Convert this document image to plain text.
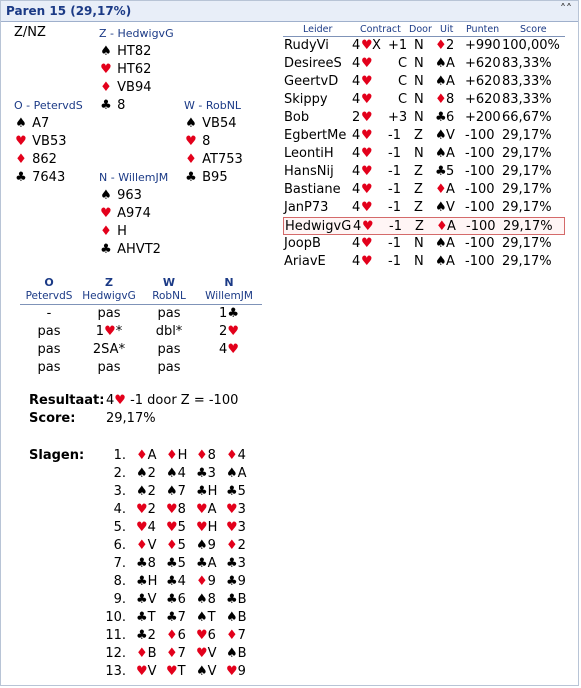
Paren 15 (29,17%)	˄˄
Z/NZ	Z - HedwigvG
♠ HT82
♥ HT62
♦ VB94
♣ 8
O - PetervdS
♠ A7
♥ VB53
♦ 862
♣ 7643
W - RobNL
♠ VB54
♥ 8
♦ AT753
♣ B95
N - WillemJM
♠ 963
♥ A974
♦ H
♣ AHVT2
Leider	Contract Door Uit Punten Score
RudyVi 4 ♥ X +1 N ♦ 2 +990 100,00%
DesireeS 4 ♥ C N ♠ A +620 83,33%
GeertvD 4 ♥ C N ♠ A +620 83,33%
Skippy 4 ♥ C N ♦ 8 +620 83,33%
Bob	2 ♥ +3 N ♣ 6 +200 66,67%
EgbertMe 4 ♥ -1 Z ♠ V -100 29,17%
LeontiH 4 ♥ -1 N ♠ A -100 29,17%
HansNij 4 ♥ -1 Z ♣ 5 -100 29,17%
Bastiane 4 ♥ -1 Z ♦ A -100 29,17%
JanP73 4 ♥ -1 Z ♠ V -100 29,17%
HedwigvG 4 ♥ -1 Z ♦ A -100 29,17%
JoopB 4 ♥ -1 N ♠ A -100 29,17%
AriavE 4 ♥ -1 N ♠ A -100 29,17%
O
PetervdS
Z
HedwigvG
W
RobNL
N
WillemJM
-	pas	pas	1♣
pas	1♥*	dbl*	2♥
pas	2SA*	pas	4♥
pas	pas	pas
Resultaat: 4♥ -1 door Z = -100
Score: 29,17%
Slagen:	1. ♦A ♦H ♦8 ♦4
2. ♠2 ♠4 ♣3 ♠A
3. ♠2 ♠7 ♣H ♣5
4. ♥2 ♥8 ♥A ♥3
5. ♥4 ♥5 ♥H ♥3
6. ♦V ♦5 ♠9 ♦2
7. ♣8 ♣5 ♣A ♣3
8. ♣H ♣4 ♦9 ♣9
9. ♣V ♣6 ♠8 ♣B
10. ♣T ♣7 ♠T ♠B
11. ♣2 ♦6 ♥6 ♦7
12. ♦B ♦7 ♥V ♠B
13. ♥V ♥T ♠V ♥9
